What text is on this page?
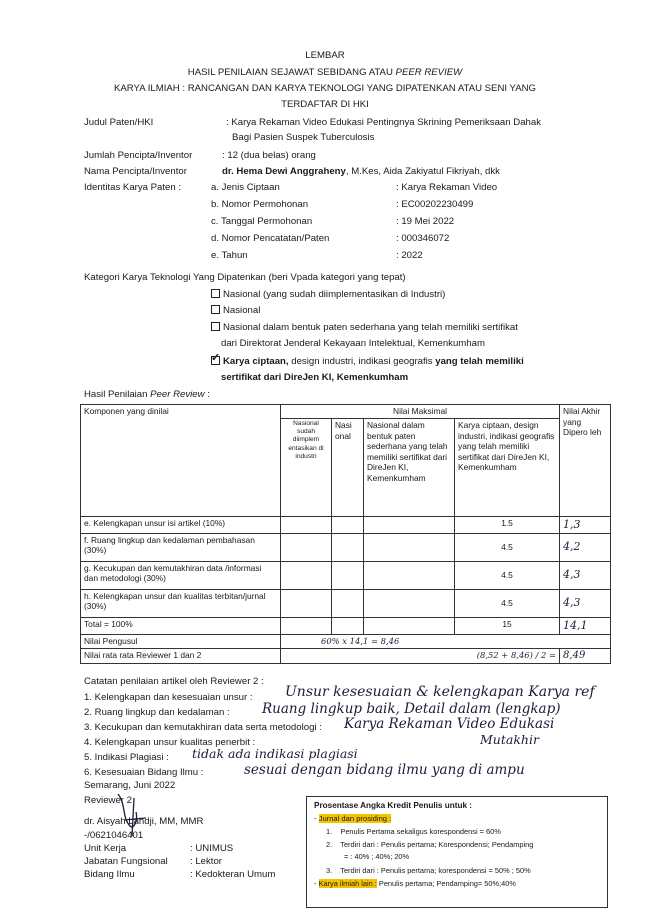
LEMBAR
HASIL PENILAIAN SEJAWAT SEBIDANG ATAU PEER REVIEW
KARYA ILMIAH : RANCANGAN DAN KARYA TEKNOLOGI YANG DIPATENKAN ATAU SENI YANG
TERDAFTAR DI HKI
Judul Paten/HKI	: Karya Rekaman Video Edukasi Pentingnya Skrining Pemeriksaan Dahak
Bagi Pasien Suspek Tuberculosis
Jumlah Pencipta/Inventor	: 12 (dua belas) orang
Nama Pencipta/Inventor	dr. Hema Dewi Anggraheny, M.Kes, Aida Zakiyatul Fikriyah, dkk
Identitas Karya Paten :	a. Jenis Ciptaan	: Karya Rekaman Video
b. Nomor Permohonan	: EC00202230499
c. Tanggal Permohonan	: 19 Mei 2022
d. Nomor Pencatatan/Paten	: 000346072
e. Tahun	: 2022
Kategori Karya Teknologi Yang Dipatenkan (beri Vpada kategori yang tepat)
Nasional (yang sudah diimplementasikan di Industri)
Nasional
Nasional dalam bentuk paten sederhana yang telah memiliki sertifikat
dari Direktorat Jenderal Kekayaan Intelektual, Kemenkumham
✓Karya ciptaan, design industri, indikasi geografis yang telah memiliki
sertifikat dari DireJen KI, Kemenkumham
Hasil Penilaian Peer Review :
Komponen yang dinilai	Nilai Maksimal				Nilai Akhir yang Dipero leh
	Nasional sudah diimplem entasikan di industri	Nasi onal	Nasional dalam bentuk paten sederhana yang telah memiliki sertifikat dari DireJen KI, Kemenkumham	Karya ciptaan, design industri, indikasi geografis yang telah memiliki sertifikat dari DireJen KI, Kemenkumham	
e. Kelengkapan unsur isi artikel (10%)				1.5	1,3
f. Ruang lingkup dan kedalaman pembahasan (30%)				4.5	4,2
g. Kecukupan dan kemutakhiran data /informasi dan metodologi (30%)				4.5	4,3
h. Kelengkapan unsur dan kualitas terbitan/jurnal (30%)				4.5	4,3
Total = 100%				15	14,1
Nilai Pengusul	60% x 14,1 = 8,46				
Nilai rata rata Reviewer 1 dan 2	(8,52 + 8,46) / 2 =				8,49
Catatan penilaian artikel oleh Reviewer 2 :
1. Kelengkapan dan kesesuaian unsur : Unsur kesesuaian & kelengkapan Karya ref
2. Ruang lingkup dan kedalaman : Ruang lingkup baik, Detail dalam (lengkap)
3. Kecukupan dan kemutakhiran data serta metodologi : Karya Rekaman Video Edukasi
4. Kelengkapan unsur kualitas penerbit :	Mutakhir
5. Indikasi Plagiasi : tidak ada indikasi plagiasi
6. Kesesuaian Bidang Ilmu :	sesuai dengan bidang ilmu yang di ampu
Semarang, Juni 2022
Reviewer 2
dr. Aisyah Lahdji, MM, MMR
-/0621046401
Unit Kerja	: UNIMUS
Jabatan Fungsional : Lektor
Bidang Ilmu	: Kedokteran Umum
Prosentase Angka Kredit Penulis untuk :
- Jurnal dan prosiding :
1.    Penulis Pertama sekaligus korespondensi = 60%
2.    Terdiri dari : Penulis pertama; Korespondensi; Pendamping
= : 40% ; 40%; 20%
3.    Terdiri dari : Penulis pertama; korespondensi = 50% ; 50%
- Karya ilmiah lain : Penulis pertama; Pendamping= 50%;40%
